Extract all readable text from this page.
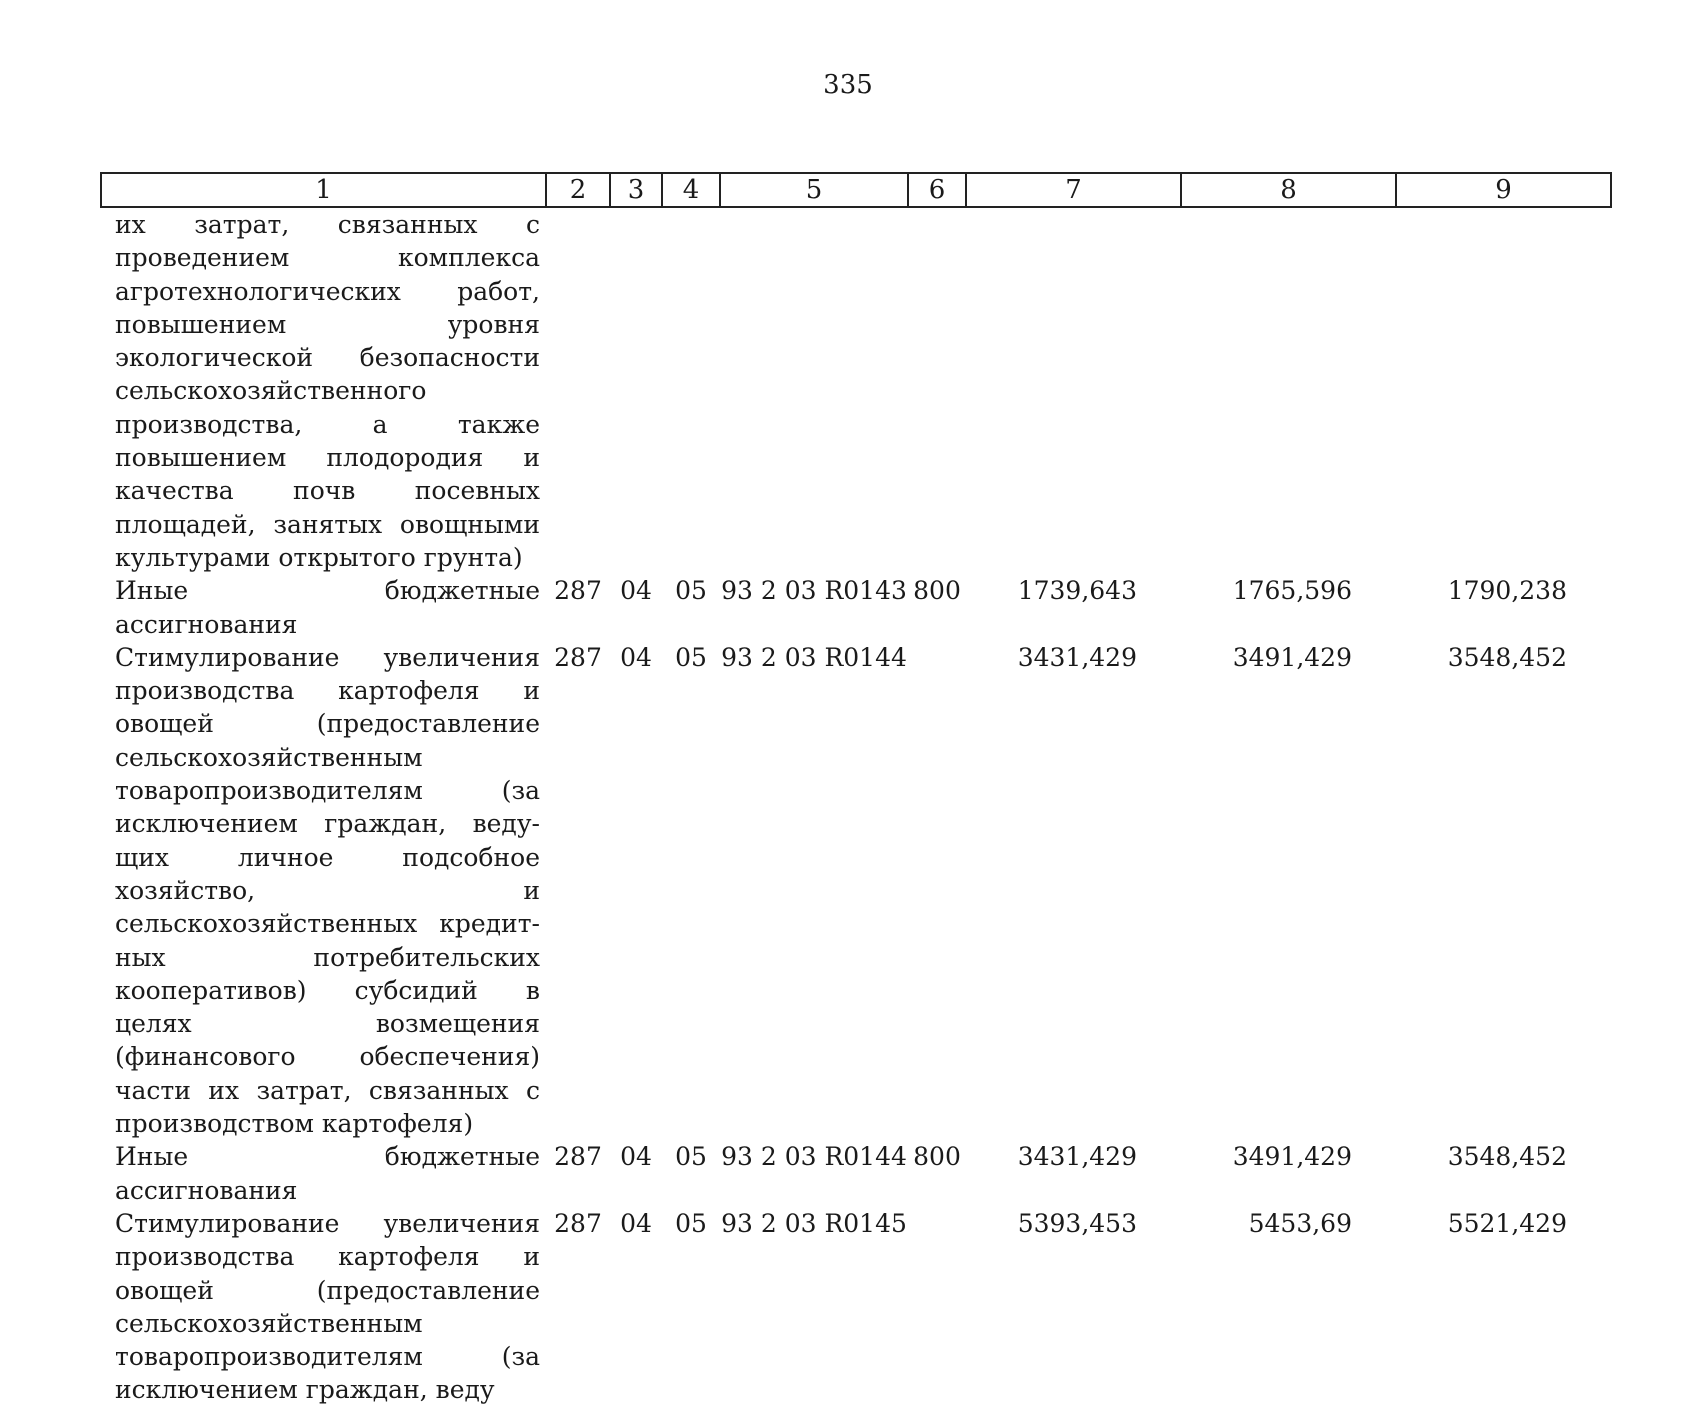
335
1	2	3	4	5	6	7	8	9
их затрат, связанных с проведением комплекса агротехнологических работ, повышением уровня экологической безопасности сельскохозяйственного производства, а также повышением плодородия и качества почв посевных площадей, занятых овощными культурами открытого грунта)								
Иные бюджетные ассигнования	287	04	05	93 2 03 R0143	800	1739,643	1765,596	1790,238
Стимулирование увеличения производства картофеля и овощей (предоставление сельскохозяйственным товаропроизводителям (за исключением граждан, ведущих личное подсобное хозяйство, и сельскохозяйственных кредитных потребительских кооперативов) субсидий в целях возмещения (финансового обеспечения) части их затрат, связанных с производством картофеля)	287	04	05	93 2 03 R0144		3431,429	3491,429	3548,452
Иные бюджетные ассигнования	287	04	05	93 2 03 R0144	800	3431,429	3491,429	3548,452
Стимулирование увеличения производства картофеля и овощей (предоставление сельскохозяйственным товаропроизводителям (за исключением граждан, веду	287	04	05	93 2 03 R0145		5393,453	5453,69	5521,429
